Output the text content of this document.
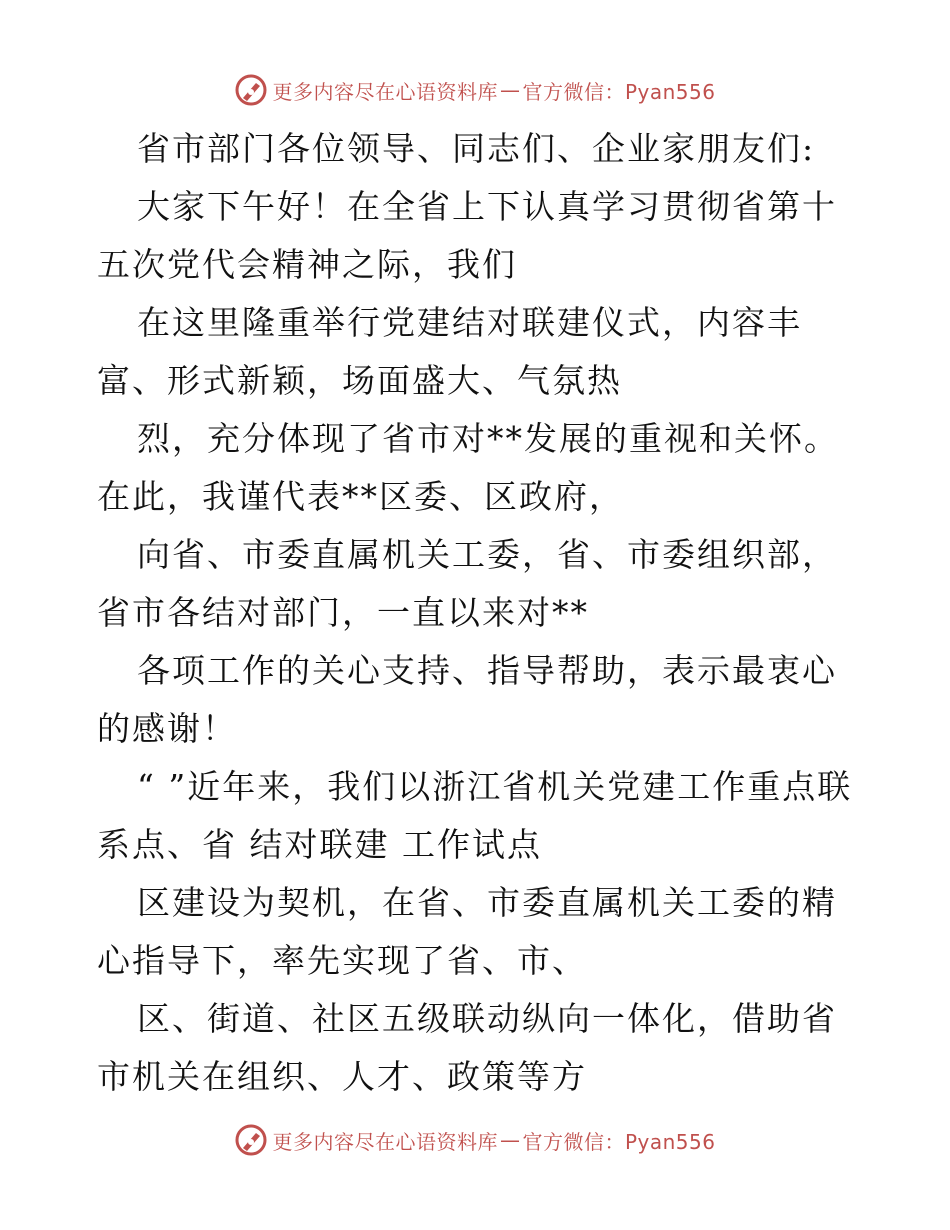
更多内容尽在心语资料库 — 官方微信：Pyan556

省市部门各位领导、同志们、企业家朋友们:

大家下午好！在全省上下认真学习贯彻省第十五次党代会精神之际，我们

在这里隆重举行党建结对联建仪式，内容丰富、形式新颖，场面盛大、气氛热

烈，充分体现了省市对**发展的重视和关怀。在此，我谨代表**区委、区政府，

向省、市委直属机关工委，省、市委组织部，省市各结对部门，一直以来对**

各项工作的关心支持、指导帮助，表示最衷心的感谢！

“ ”近年来，我们以浙江省机关党建工作重点联系点、省 结对联建 工作试点

区建设为契机，在省、市委直属机关工委的精心指导下，率先实现了省、市、

区、街道、社区五级联动纵向一体化，借助省市机关在组织、人才、政策等方

更多内容尽在心语资料库 — 官方微信：Pyan556
